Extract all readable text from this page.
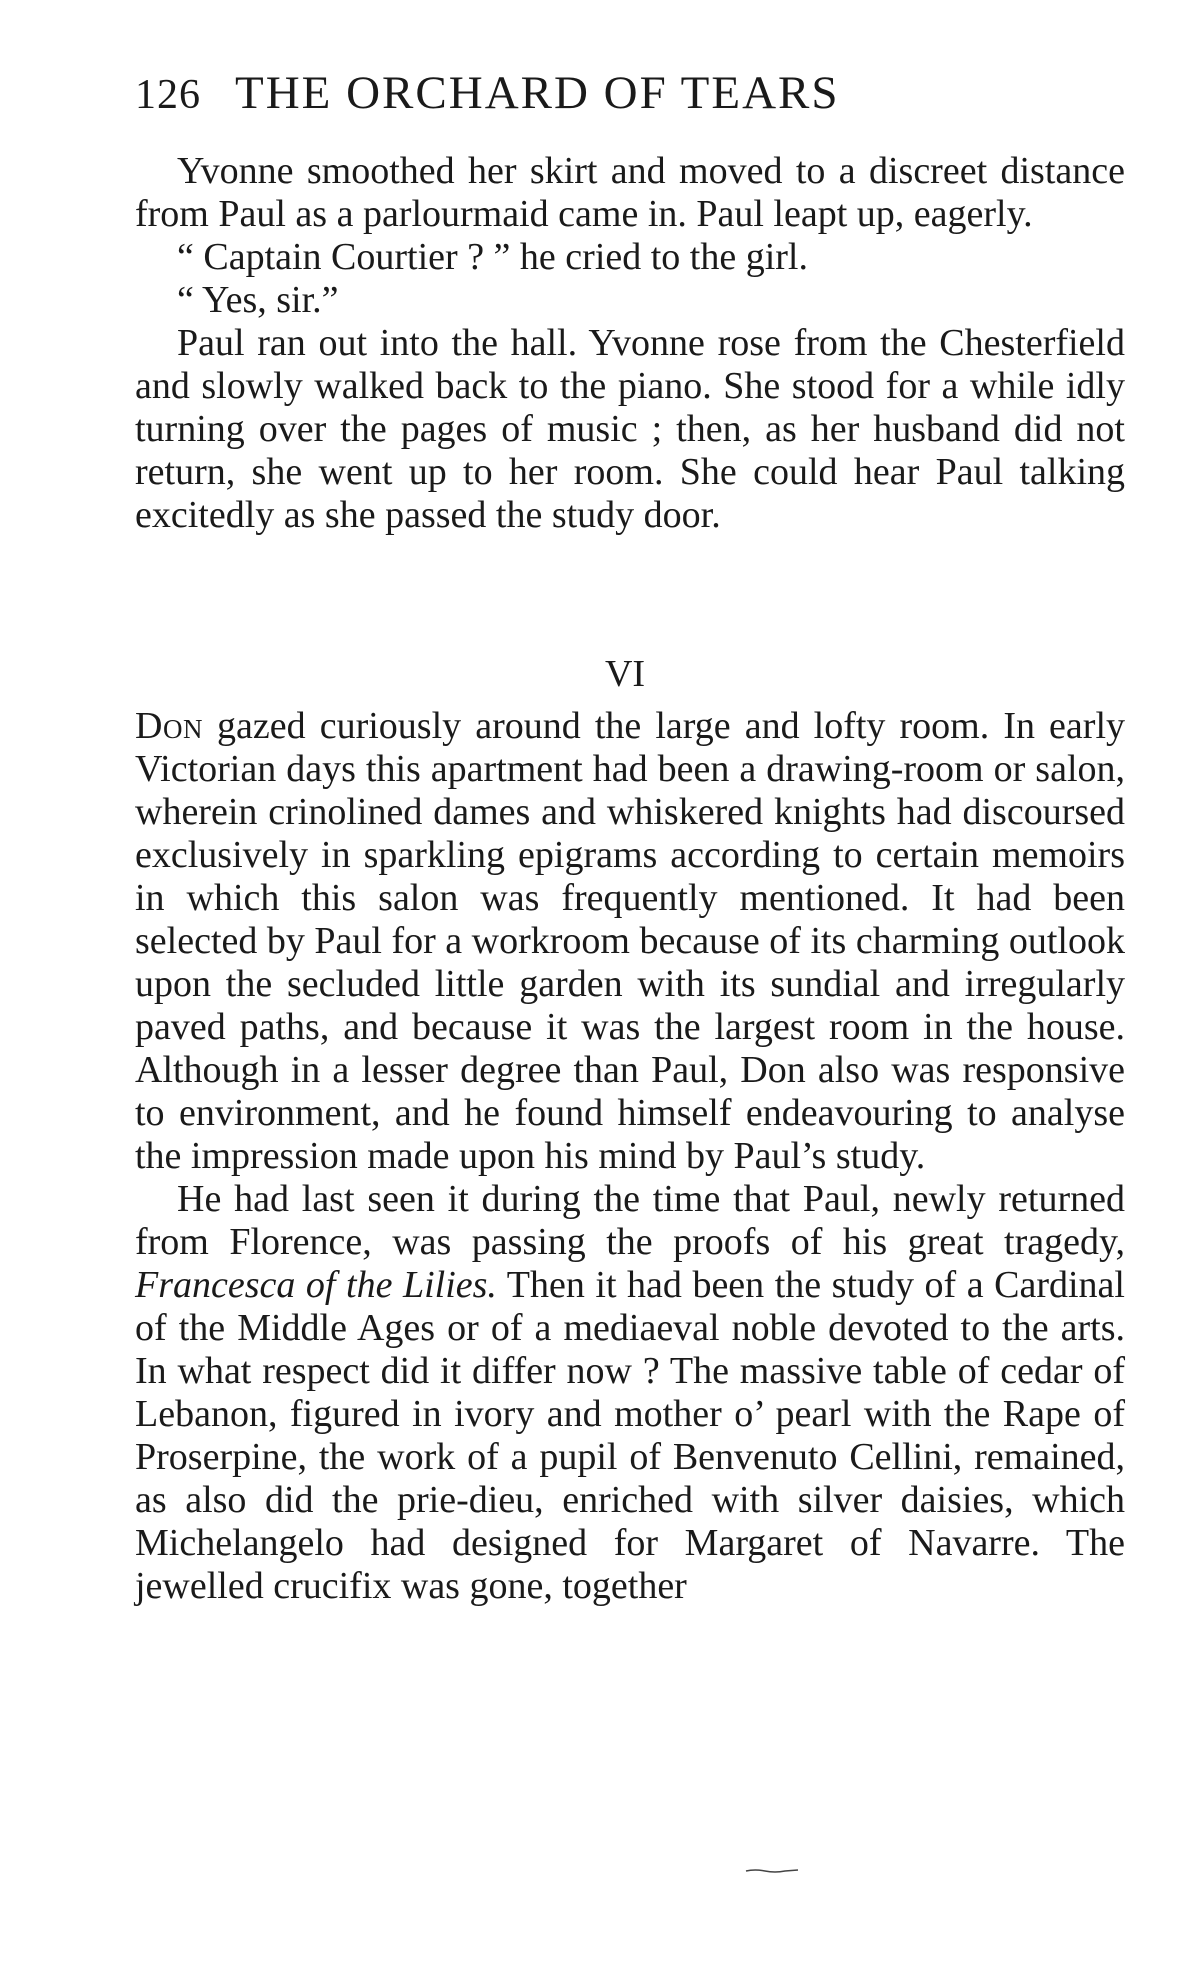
126 THE ORCHARD OF TEARS

Yvonne smoothed her skirt and moved to a discreet distance from Paul as a parlourmaid came in. Paul leapt up, eagerly.

“ Captain Courtier ? ” he cried to the girl.

“ Yes, sir.”

Paul ran out into the hall. Yvonne rose from the Chesterfield and slowly walked back to the piano. She stood for a while idly turning over the pages of music ; then, as her husband did not return, she went up to her room. She could hear Paul talking excitedly as she passed the study door.

VI

Don gazed curiously around the large and lofty room. In early Victorian days this apartment had been a drawing-room or salon, wherein crinolined dames and whiskered knights had discoursed exclusively in sparkling epigrams according to certain memoirs in which this salon was frequently mentioned. It had been selected by Paul for a workroom because of its charming outlook upon the secluded little garden with its sundial and irregularly paved paths, and because it was the largest room in the house. Although in a lesser degree than Paul, Don also was responsive to environment, and he found himself endeavouring to analyse the impression made upon his mind by Paul’s study.

He had last seen it during the time that Paul, newly returned from Florence, was passing the proofs of his great tragedy, Francesca of the Lilies. Then it had been the study of a Cardinal of the Middle Ages or of a mediaeval noble devoted to the arts. In what respect did it differ now ? The massive table of cedar of Lebanon, figured in ivory and mother o’ pearl with the Rape of Proserpine, the work of a pupil of Benvenuto Cellini, remained, as also did the prie-dieu, enriched with silver daisies, which Michelangelo had designed for Margaret of Navarre. The jewelled crucifix was gone, together
